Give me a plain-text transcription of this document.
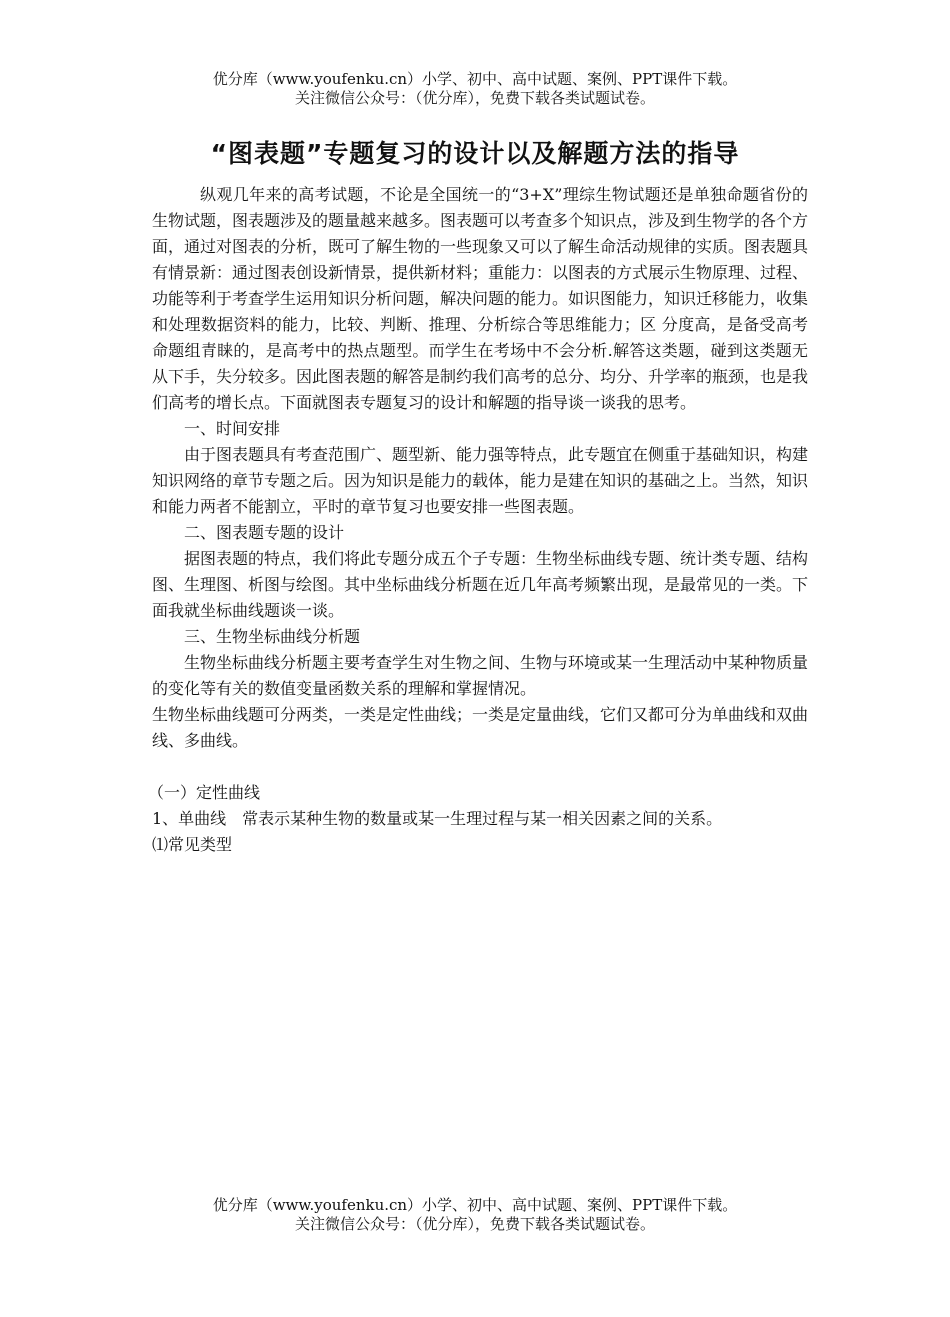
优分库（www.youfenku.cn）小学、初中、高中试题、案例、PPT课件下载。
关注微信公众号：（优分库），免费下载各类试题试卷。
“图表题”专题复习的设计以及解题方法的指导

纵观几年来的高考试题，不论是全国统一的“3+X”理综生物试题还是单独命题省份的生物试题，图表题涉及的题量越来越多。图表题可以考查多个知识点，涉及到生物学的各个方面，通过对图表的分析，既可了解生物的一些现象又可以了解生命活动规律的实质。图表题具有情景新：通过图表创设新情景，提供新材料；重能力：以图表的方式展示生物原理、过程、功能等利于考查学生运用知识分析问题，解决问题的能力。如识图能力，知识迁移能力，收集和处理数据资料的能力，比较、判断、推理、分析综合等思维能力；区 分度高，是备受高考命题组青睐的，是高考中的热点题型。而学生在考场中不会分析.解答这类题，碰到这类题无从下手，失分较多。因此图表题的解答是制约我们高考的总分、均分、升学率的瓶颈，也是我们高考的增长点。下面就图表专题复习的设计和解题的指导谈一谈我的思考。

一、时间安排

由于图表题具有考查范围广、题型新、能力强等特点，此专题宜在侧重于基础知识，构建知识网络的章节专题之后。因为知识是能力的载体，能力是建在知识的基础之上。当然，知识和能力两者不能割立，平时的章节复习也要安排一些图表题。

二、图表题专题的设计

据图表题的特点，我们将此专题分成五个子专题：生物坐标曲线专题、统计类专题、结构图、生理图、析图与绘图。其中坐标曲线分析题在近几年高考频繁出现，是最常见的一类。下面我就坐标曲线题谈一谈。

三、生物坐标曲线分析题

生物坐标曲线分析题主要考查学生对生物之间、生物与环境或某一生理活动中某种物质量的变化等有关的数值变量函数关系的理解和掌握情况。

生物坐标曲线题可分两类，一类是定性曲线；一类是定量曲线，它们又都可分为单曲线和双曲线、多曲线。

（一）定性曲线

1、单曲线　常表示某种生物的数量或某一生理过程与某一相关因素之间的关系。

⑴常见类型

优分库（www.youfenku.cn）小学、初中、高中试题、案例、PPT课件下载。
关注微信公众号：（优分库），免费下载各类试题试卷。
